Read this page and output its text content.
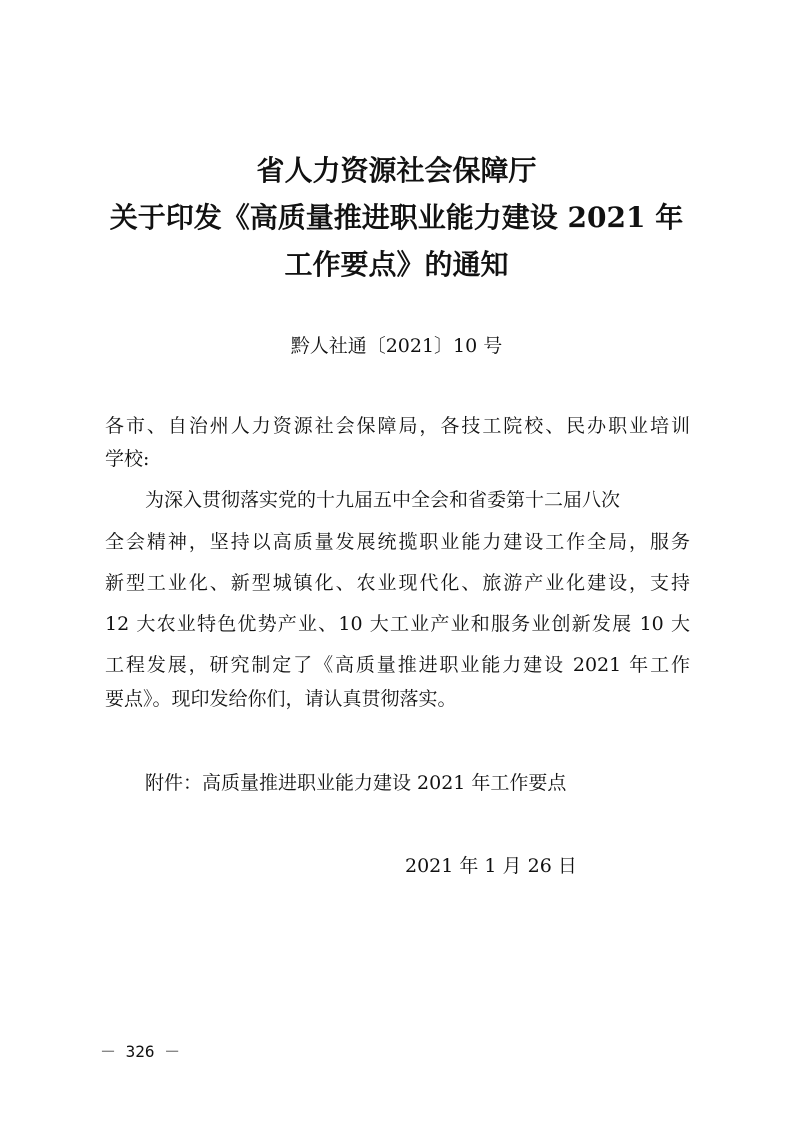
省人力资源社会保障厅
关于印发《高质量推进职业能力建设 2021 年
工作要点》的通知
黔人社通〔2021〕10 号
各市、自治州人力资源社会保障局，各技工院校、民办职业培训
学校:
为深入贯彻落实党的十九届五中全会和省委第十二届八次
全会精神，坚持以高质量发展统揽职业能力建设工作全局，服务
新型工业化、新型城镇化、农业现代化、旅游产业化建设，支持
12 大农业特色优势产业、10 大工业产业和服务业创新发展 10 大
工程发展，研究制定了《高质量推进职业能力建设 2021 年工作
要点》。现印发给你们，请认真贯彻落实。
附件：高质量推进职业能力建设 2021 年工作要点
2021 年 1 月 26 日
－ 326 －
